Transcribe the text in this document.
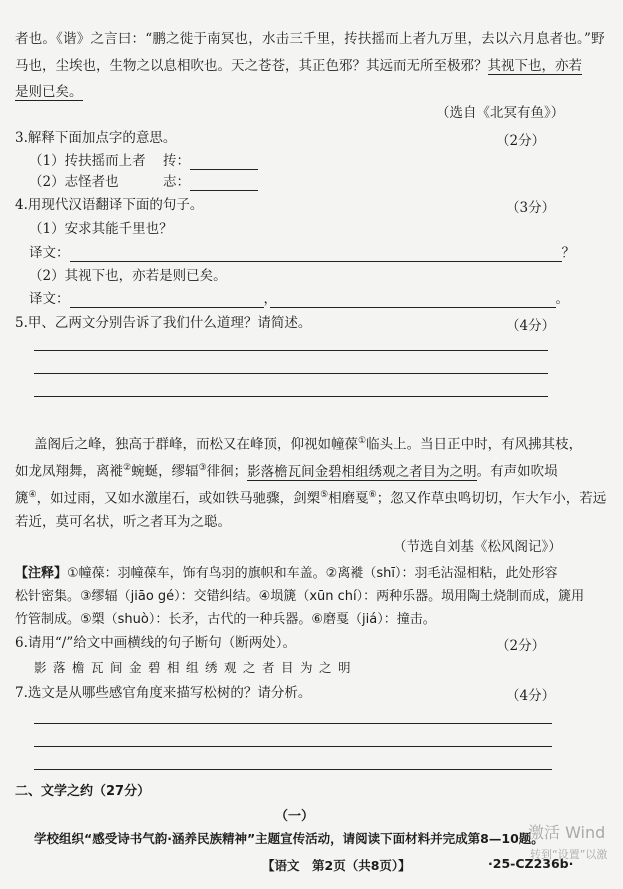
者也。《谐》之言曰：“鹏之徙于南冥也，水击三千里，抟扶摇而上者九万里，去以六月息者也。”野
马也，尘埃也，生物之以息相吹也。天之苍苍，其正色邪？其远而无所至极邪？其视下也，亦若
是则已矣。
（选自《北冥有鱼》）
3.解释下面加点字的意思。	（2分）
（1）抟扶摇而上者 抟：
（2）志怪者也	志：
4.用现代汉语翻译下面的句子。	（3分）
（1）安求其能千里也？
译文：	？
（2）其视下也，亦若是则已矣。
译文：	，	。
5.甲、乙两文分别告诉了我们什么道理？请简述。	（4分）
盖阁后之峰，独高于群峰，而松又在峰顶，仰视如幢葆①临头上。当日正中时，有风拂其枝，
如龙凤翔舞，离褷②蜿蜒，缪辐③徘徊；影落檐瓦间金碧相组绣观之者目为之明。有声如吹埙
篪④，如过雨，又如水激崖石，或如铁马驰骤，剑槊⑤相磨戛⑥；忽又作草虫鸣切切，乍大乍小，若远
若近，莫可名状，听之者耳为之聪。
（节选自刘基《松风阁记》）
【注释】①幢葆：羽幢葆车，饰有鸟羽的旗帜和车盖。②离褷（shī）：羽毛沾湿相粘，此处形容
松针密集。③缪辐（jiāo gé）：交错纠结。④埙篪（xūn chí）：两种乐器。埙用陶土烧制而成，篪用
竹管制成。⑤槊（shuò）：长矛，古代的一种兵器。⑥磨戛（jiá）：撞击。
6.请用“/”给文中画横线的句子断句（断两处）。	（2分）
影落檐瓦间金碧相组绣观之者目为之明
7.选文是从哪些感官角度来描写松树的？请分析。	（4分）
二、文学之约（27分）
（一）
学校组织“感受诗书气韵·涵养民族精神”主题宣传活动，请阅读下面材料并完成第8—10题。
【语文　第2页（共8页）】	·25-CZ236b·
激活 Wind
转到“设置”以激
